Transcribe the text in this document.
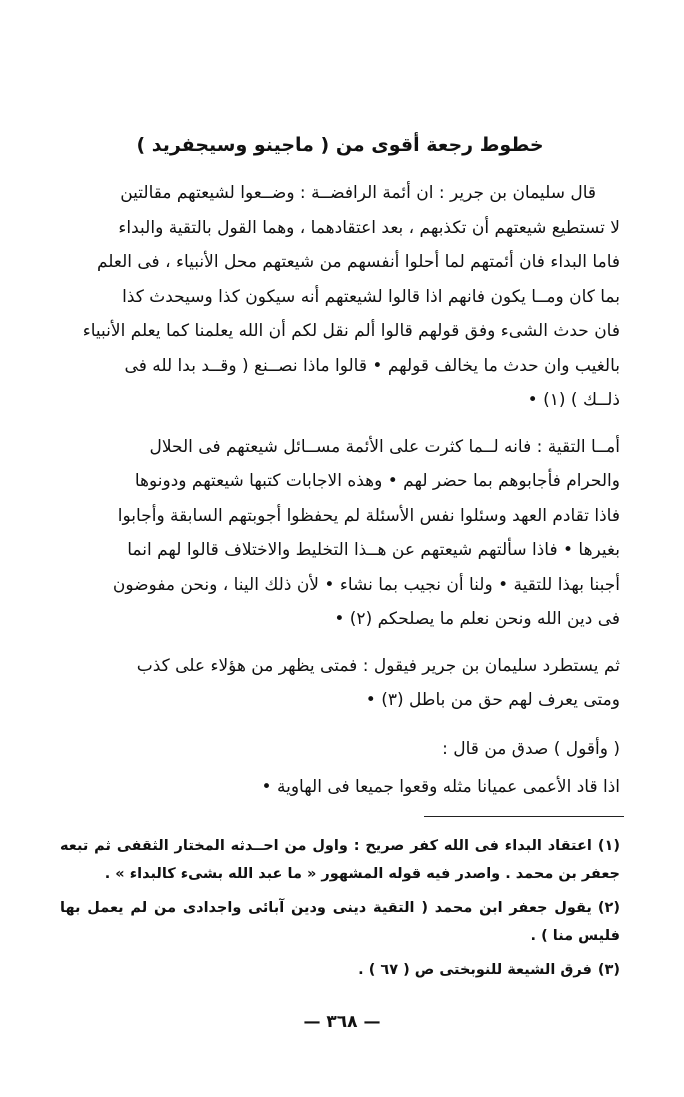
خطوط رجعة أقوى من ( ماجينو وسيجفريد )
قال سليمان بن جرير : ان أئمة الرافضــة : وضــعوا لشيعتهم مقالتين
لا تستطيع شيعتهم أن تكذبهم ، بعد اعتقادهما ، وهما القول بالتقية والبداء
فاما البداء فان أئمتهم لما أحلوا أنفسهم من شيعتهم محل الأنبياء ، فى العلم
بما كان ومــا يكون فانهم اذا قالوا لشيعتهم أنه سيكون كذا وسيحدث كذا
فان حدث الشىء وفق قولهم قالوا ألم نقل لكم أن الله يعلمنا كما يعلم الأنبياء
بالغيب وان حدث ما يخالف قولهم • قالوا ماذا نصــنع ( وقــد بدا لله فى
ذلــك ) (١) •
أمــا التقية : فانه لــما كثرت على الأئمة مســائل شيعتهم فى الحلال
والحرام فأجابوهم بما حضر لهم • وهذه الاجابات كتبها شيعتهم ودونوها
فاذا تقادم العهد وسئلوا نفس الأسئلة لم يحفظوا أجوبتهم السابقة وأجابوا
بغيرها • فاذا سألتهم شيعتهم عن هــذا التخليط والاختلاف قالوا لهم انما
أجبنا بهذا للتقية • ولنا أن نجيب بما نشاء • لأن ذلك الينا ، ونحن مفوضون
فى دين الله ونحن نعلم ما يصلحكم (٢) •
ثم يستطرد سليمان بن جرير فيقول : فمتى يظهر من هؤلاء على كذب
ومتى يعرف لهم حق من باطل (٣) •
( وأقول ) صدق من قال :
اذا قاد الأعمى عميانا مثله وقعوا جميعا فى الهاوية •
(١)اعتقاد البداء فى الله كفر صريح : واول من احــدثه المختار الثقفى ثم تبعه جعفر بن محمد . واصدر فيه قوله المشهور « ما عبد الله بشىء كالبداء » .
(٢)يقول جعفر ابن محمد ( التقية دينى ودين آبائى واجدادى من لم يعمل بها فليس منا ) .
(٣)فرق الشيعة للنوبختى ص ( ٦٧ ) .
— ٣٦٨ —
